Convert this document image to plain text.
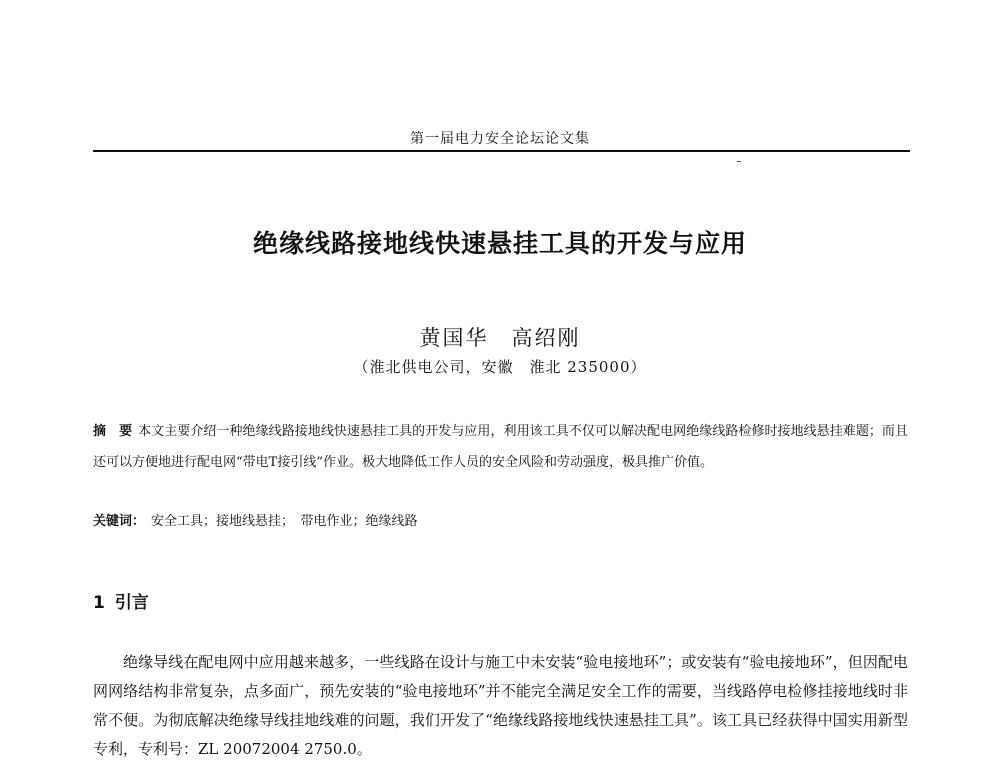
第一届电力安全论坛论文集
绝缘线路接地线快速悬挂工具的开发与应用
黄国华　高绍刚
（淮北供电公司，安徽　淮北 235000）

摘　要 本文主要介绍一种绝缘线路接地线快速悬挂工具的开发与应用，利用该工具不仅可以解决配电网绝缘线路检修时接地线悬挂难题；而且还可以方便地进行配电网“带电T接引线”作业。极大地降低工作人员的安全风险和劳动强度，极具推广价值。

关键词： 安全工具；接地线悬挂；　带电作业；绝缘线路

1 引言

绝缘导线在配电网中应用越来越多，一些线路在设计与施工中未安装“验电接地环”；或安装有“验电接地环”，但因配电网网络结构非常复杂，点多面广，预先安装的“验电接地环”并不能完全满足安全工作的需要，当线路停电检修挂接地线时非常不便。为彻底解决绝缘导线挂地线难的问题，我们开发了“绝缘线路接地线快速悬挂工具”。该工具已经获得中国实用新型专利，专利号：ZL 20072004 2750.0。
